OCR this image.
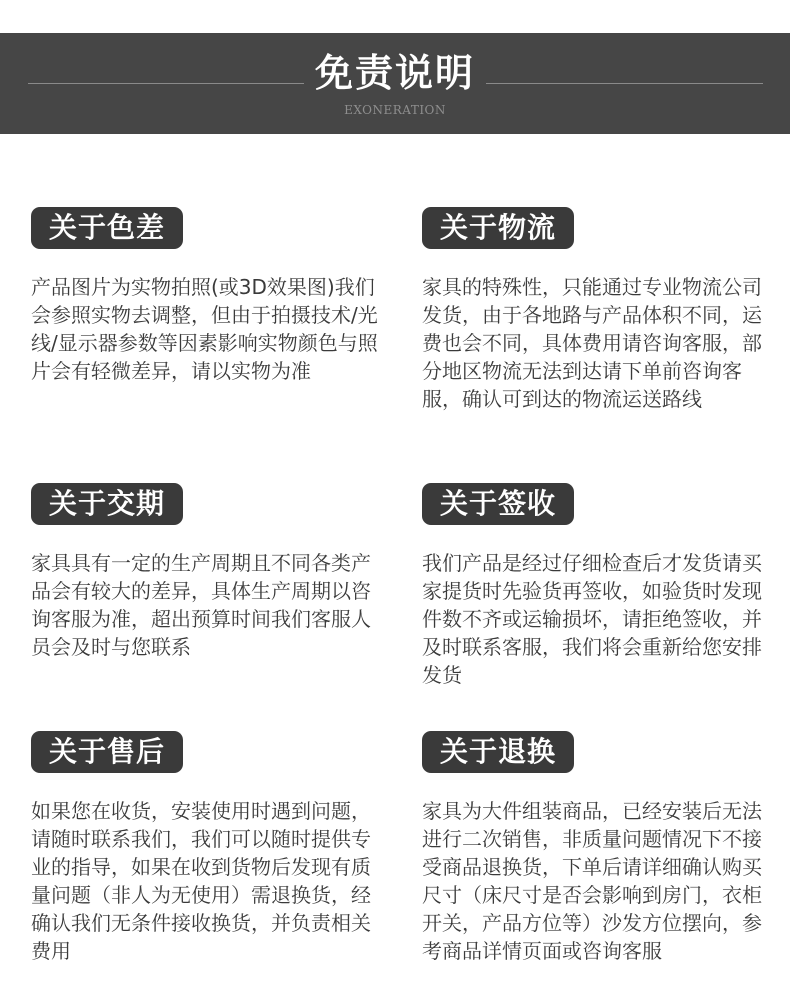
免责说明
EXONERATION
关于色差
产品图片为实物拍照(或3D效果图)我们会参照实物去调整，但由于拍摄技术/光线/显示器参数等因素影响实物颜色与照片会有轻微差异，请以实物为准
关于物流
家具的特殊性，只能通过专业物流公司发货，由于各地路与产品体积不同，运费也会不同，具体费用请咨询客服，部分地区物流无法到达请下单前咨询客服，确认可到达的物流运送路线
关于交期
家具具有一定的生产周期且不同各类产品会有较大的差异，具体生产周期以咨询客服为准，超出预算时间我们客服人员会及时与您联系
关于签收
我们产品是经过仔细检查后才发货请买家提货时先验货再签收，如验货时发现件数不齐或运输损坏，请拒绝签收，并及时联系客服，我们将会重新给您安排发货
关于售后
如果您在收货，安装使用时遇到问题，请随时联系我们，我们可以随时提供专业的指导，如果在收到货物后发现有质量问题（非人为无使用）需退换货，经确认我们无条件接收换货，并负责相关费用
关于退换
家具为大件组装商品，已经安装后无法进行二次销售，非质量问题情况下不接受商品退换货，下单后请详细确认购买尺寸（床尺寸是否会影响到房门，衣柜开关，产品方位等）沙发方位摆向，参考商品详情页面或咨询客服
